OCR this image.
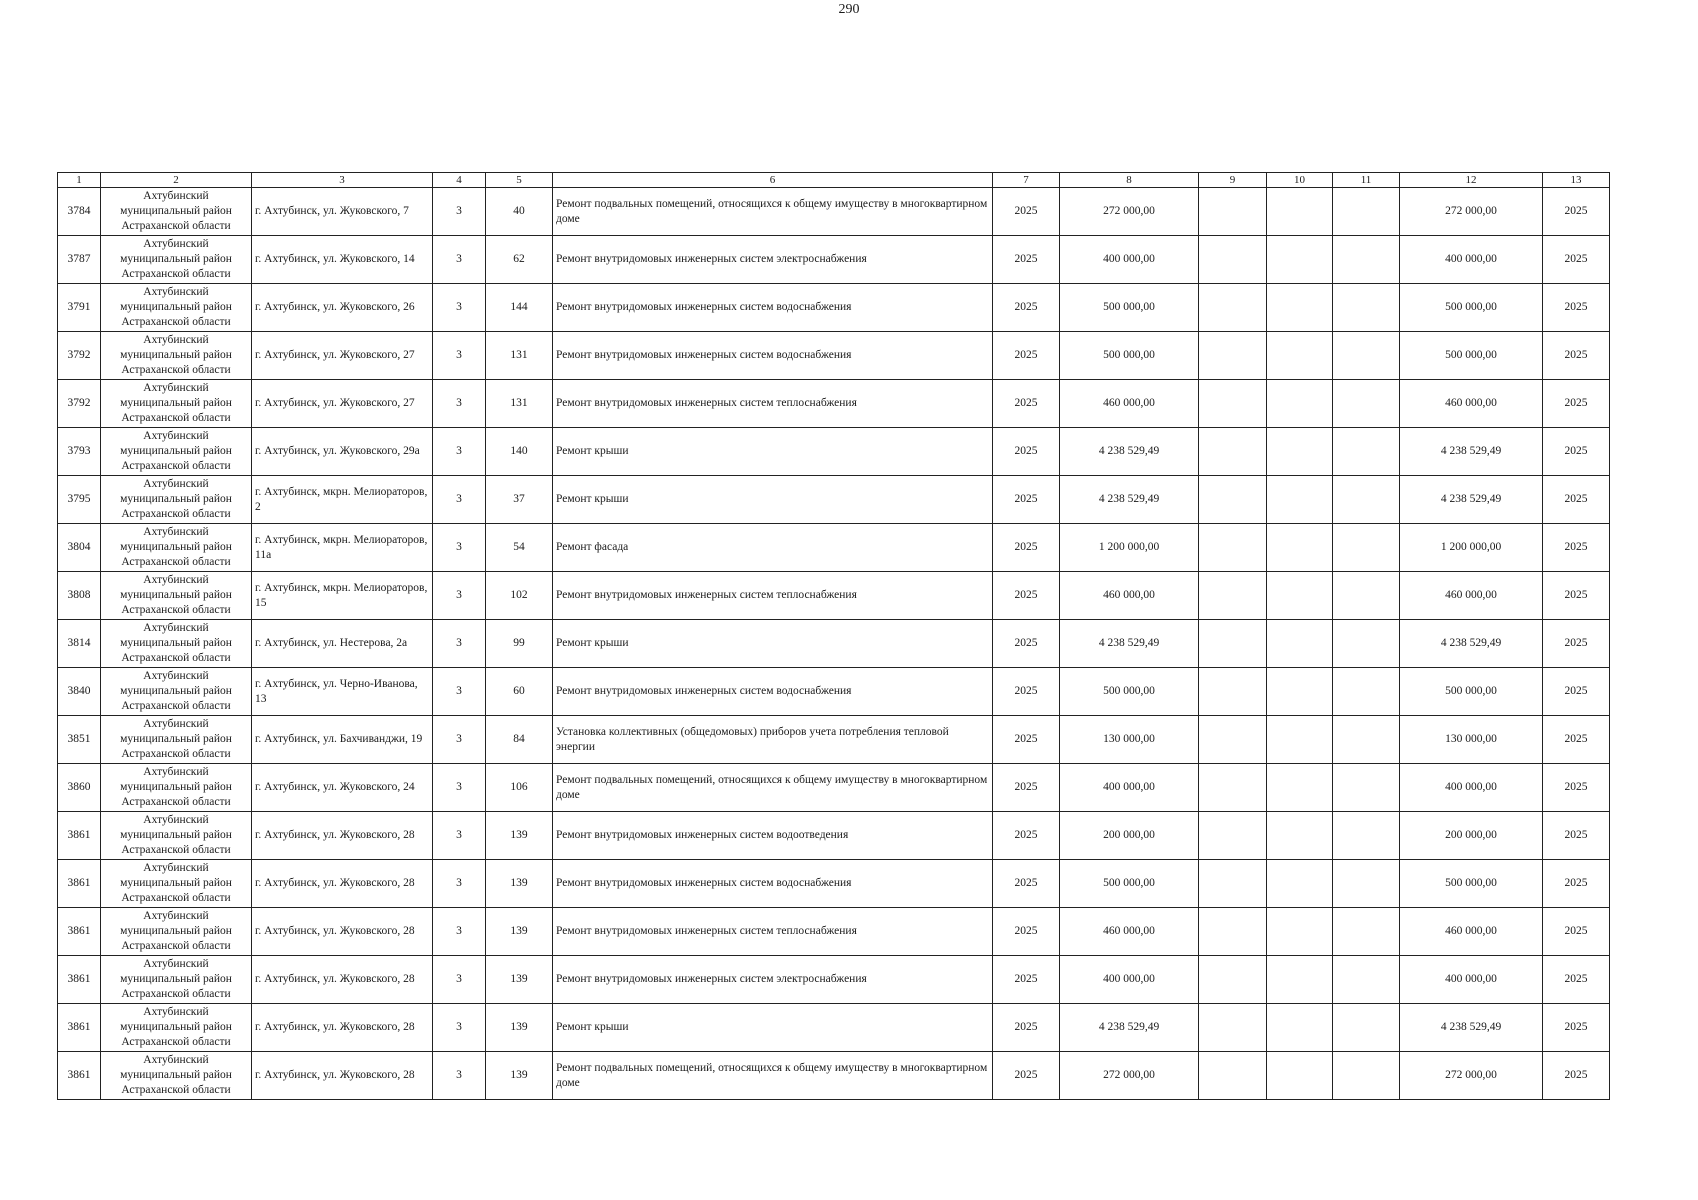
290
1	2	3	4	5	6	7	8	9	10	11	12	13
3784	Ахтубинский муниципальный район Астраханской области	г. Ахтубинск, ул. Жуковского, 7	3	40	Ремонт подвальных помещений, относящихся к общему имуществу в многоквартирном доме	2025	272 000,00				272 000,00	2025
3787	Ахтубинский муниципальный район Астраханской области	г. Ахтубинск, ул. Жуковского, 14	3	62	Ремонт внутридомовых инженерных систем электроснабжения	2025	400 000,00				400 000,00	2025
3791	Ахтубинский муниципальный район Астраханской области	г. Ахтубинск, ул. Жуковского, 26	3	144	Ремонт внутридомовых инженерных систем водоснабжения	2025	500 000,00				500 000,00	2025
3792	Ахтубинский муниципальный район Астраханской области	г. Ахтубинск, ул. Жуковского, 27	3	131	Ремонт внутридомовых инженерных систем водоснабжения	2025	500 000,00				500 000,00	2025
3792	Ахтубинский муниципальный район Астраханской области	г. Ахтубинск, ул. Жуковского, 27	3	131	Ремонт внутридомовых инженерных систем теплоснабжения	2025	460 000,00				460 000,00	2025
3793	Ахтубинский муниципальный район Астраханской области	г. Ахтубинск, ул. Жуковского, 29а	3	140	Ремонт крыши	2025	4 238 529,49				4 238 529,49	2025
3795	Ахтубинский муниципальный район Астраханской области	г. Ахтубинск, мкрн. Мелиораторов, 2	3	37	Ремонт крыши	2025	4 238 529,49				4 238 529,49	2025
3804	Ахтубинский муниципальный район Астраханской области	г. Ахтубинск, мкрн. Мелиораторов, 11а	3	54	Ремонт фасада	2025	1 200 000,00				1 200 000,00	2025
3808	Ахтубинский муниципальный район Астраханской области	г. Ахтубинск, мкрн. Мелиораторов, 15	3	102	Ремонт внутридомовых инженерных систем теплоснабжения	2025	460 000,00				460 000,00	2025
3814	Ахтубинский муниципальный район Астраханской области	г. Ахтубинск, ул. Нестерова, 2а	3	99	Ремонт крыши	2025	4 238 529,49				4 238 529,49	2025
3840	Ахтубинский муниципальный район Астраханской области	г. Ахтубинск, ул. Черно-Иванова, 13	3	60	Ремонт внутридомовых инженерных систем водоснабжения	2025	500 000,00				500 000,00	2025
3851	Ахтубинский муниципальный район Астраханской области	г. Ахтубинск, ул. Бахчиванджи, 19	3	84	Установка коллективных (общедомовых) приборов учета потребления тепловой энергии	2025	130 000,00				130 000,00	2025
3860	Ахтубинский муниципальный район Астраханской области	г. Ахтубинск, ул. Жуковского, 24	3	106	Ремонт подвальных помещений, относящихся к общему имуществу в многоквартирном доме	2025	400 000,00				400 000,00	2025
3861	Ахтубинский муниципальный район Астраханской области	г. Ахтубинск, ул. Жуковского, 28	3	139	Ремонт внутридомовых инженерных систем водоотведения	2025	200 000,00				200 000,00	2025
3861	Ахтубинский муниципальный район Астраханской области	г. Ахтубинск, ул. Жуковского, 28	3	139	Ремонт внутридомовых инженерных систем водоснабжения	2025	500 000,00				500 000,00	2025
3861	Ахтубинский муниципальный район Астраханской области	г. Ахтубинск, ул. Жуковского, 28	3	139	Ремонт внутридомовых инженерных систем теплоснабжения	2025	460 000,00				460 000,00	2025
3861	Ахтубинский муниципальный район Астраханской области	г. Ахтубинск, ул. Жуковского, 28	3	139	Ремонт внутридомовых инженерных систем электроснабжения	2025	400 000,00				400 000,00	2025
3861	Ахтубинский муниципальный район Астраханской области	г. Ахтубинск, ул. Жуковского, 28	3	139	Ремонт крыши	2025	4 238 529,49				4 238 529,49	2025
3861	Ахтубинский муниципальный район Астраханской области	г. Ахтубинск, ул. Жуковского, 28	3	139	Ремонт подвальных помещений, относящихся к общему имуществу в многоквартирном доме	2025	272 000,00				272 000,00	2025
